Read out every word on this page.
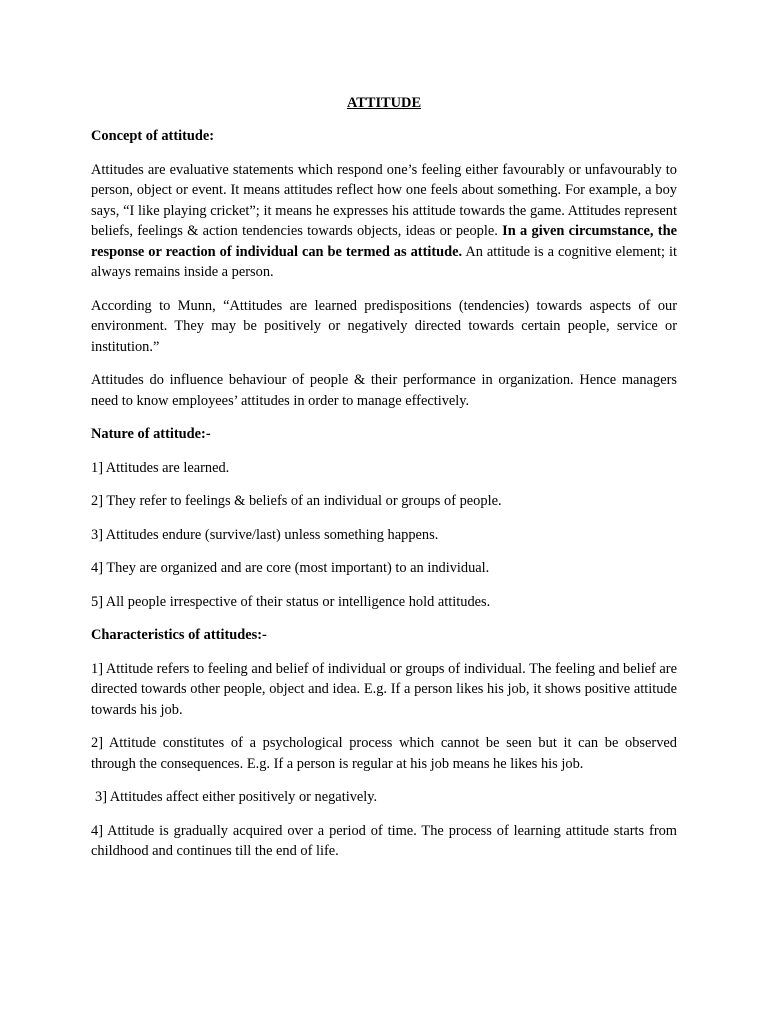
ATTITUDE
Concept of attitude:
Attitudes are evaluative statements which respond one’s feeling either favourably or unfavourably to person, object or event. It means attitudes reflect how one feels about something. For example, a boy says, “I like playing cricket”; it means he expresses his attitude towards the game. Attitudes represent beliefs, feelings & action tendencies towards objects, ideas or people. In a given circumstance, the response or reaction of individual can be termed as attitude. An attitude is a cognitive element; it always remains inside a person.
According to Munn, “Attitudes are learned predispositions (tendencies) towards aspects of our environment. They may be positively or negatively directed towards certain people, service or institution.”
Attitudes do influence behaviour of people & their performance in organization. Hence managers need to know employees’ attitudes in order to manage effectively.
Nature of attitude:-
1] Attitudes are learned.
2] They refer to feelings & beliefs of an individual or groups of people.
3] Attitudes endure (survive/last) unless something happens.
4] They are organized and are core (most important) to an individual.
5] All people irrespective of their status or intelligence hold attitudes.
Characteristics of attitudes:-
1] Attitude refers to feeling and belief of individual or groups of individual. The feeling and belief are directed towards other people, object and idea. E.g. If a person likes his job, it shows positive attitude towards his job.
2] Attitude constitutes of a psychological process which cannot be seen but it can be observed through the consequences. E.g. If a person is regular at his job means he likes his job.
3] Attitudes affect either positively or negatively.
4] Attitude is gradually acquired over a period of time. The process of learning attitude starts from childhood and continues till the end of life.
